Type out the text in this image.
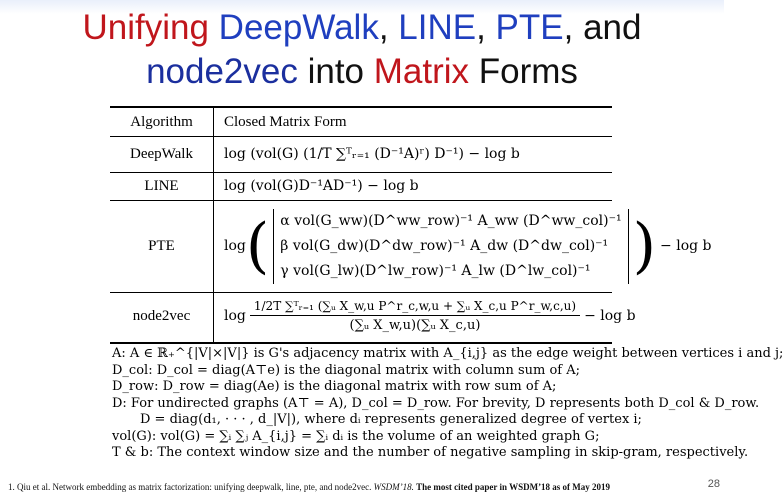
Unifying DeepWalk, LINE, PTE, and
node2vec into Matrix Forms
Algorithm	Closed Matrix Form
DeepWalk	log (vol(G) (1/T ∑ᵀᵣ₌₁ (D⁻¹A)ʳ) D⁻¹) − log b
LINE	log (vol(G)D⁻¹AD⁻¹) − log b
PTE	log ( α vol(G_ww)(D^ww_row)⁻¹ A_ww (D^ww_col)⁻¹
β vol(G_dw)(D^dw_row)⁻¹ A_dw (D^dw_col)⁻¹
γ vol(G_lw)(D^lw_row)⁻¹ A_lw (D^lw_col)⁻¹ ) − log b
node2vec	$\log \frac{\text{1/2T ∑ᵀᵣ₌₁ (∑ᵤ X\_w,u P\textasciicircum{}r\_c,w,u + ∑ᵤ X\_c,u P\textasciicircum{}r\_w,c,u)}}{\text{(∑ᵤ X\_w,u)(∑ᵤ X\_c,u)}} - \log b$
A: A ∈ ℝ₊^{|V|×|V|} is G's adjacency matrix with A_{i,j} as the edge weight between vertices i and j;
D_col: D_col = diag(A⊤e) is the diagonal matrix with column sum of A;
D_row: D_row = diag(Ae) is the diagonal matrix with row sum of A;
D: For undirected graphs (A⊤ = A), D_col = D_row. For brevity, D represents both D_col & D_row.
D = diag(d₁, · · · , d_|V|), where dᵢ represents generalized degree of vertex i;
vol(G): vol(G) = ∑ᵢ ∑ⱼ A_{i,j} = ∑ᵢ dᵢ is the volume of an weighted graph G;
T & b: The context window size and the number of negative sampling in skip-gram, respectively.
1. Qiu et al. Network embedding as matrix factorization: unifying deepwalk, line, pte, and node2vec. WSDM’18. The most cited paper in WSDM’18 as of May 2019	28
